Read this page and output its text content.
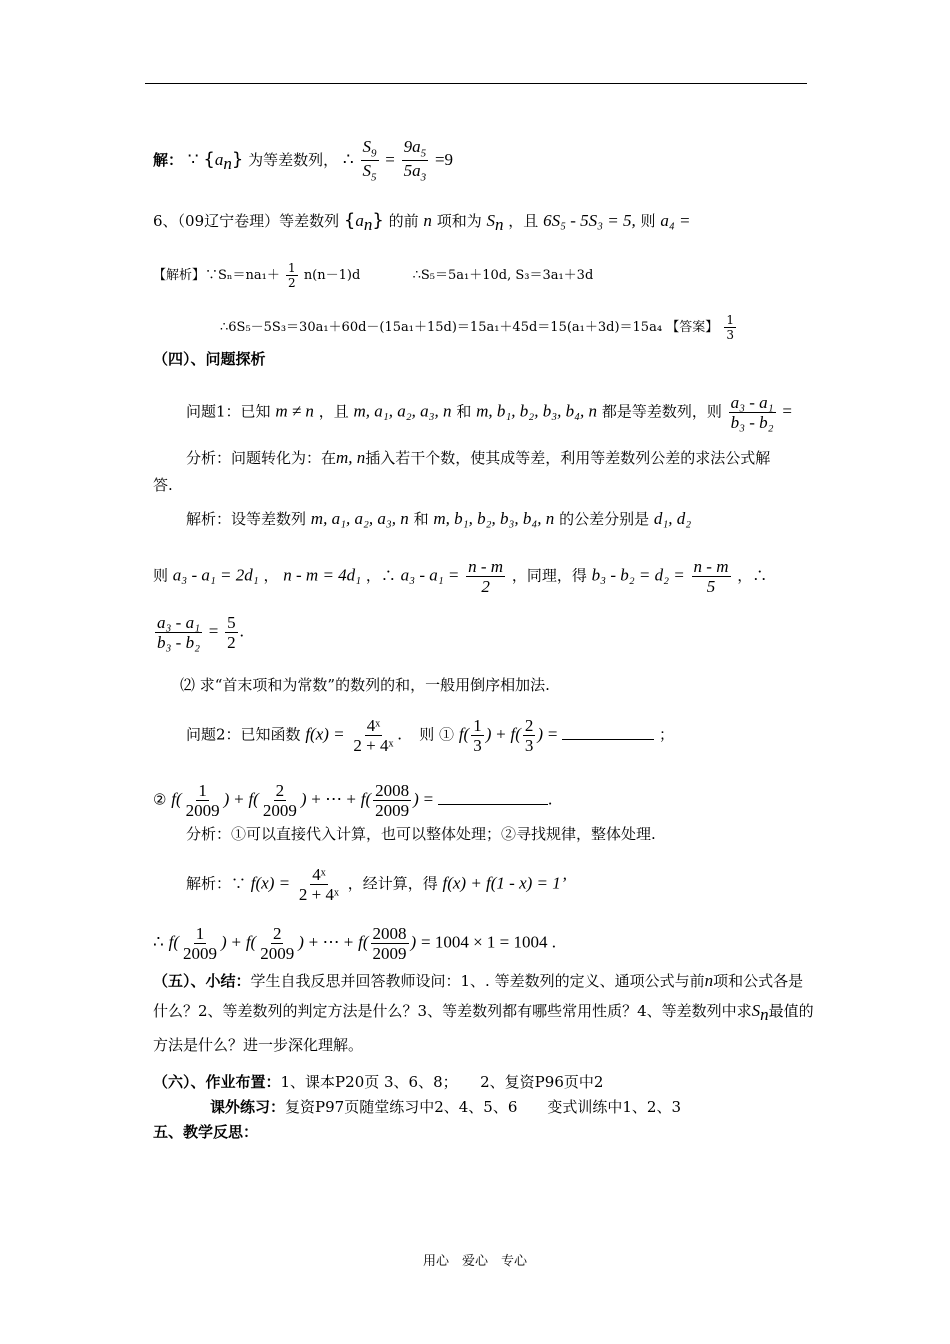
解： ∵ $\{a_n\}$ 为等差数列， ∴ $\frac{S_9}{S_5} = \frac{9a_5}{5a_3} =9$
6、（09辽宁卷理）等差数列 $\{a_n\}$ 的前 n 项和为 $S_n$ ，且 6S₅ - 5S₃ = 5, 则 a₄ =
【解析】∵Sₙ＝na₁＋ $\frac{1}{2} n(n-1)d$	∴S₅＝5a₁＋10d, S₃＝3a₁＋3d
∴6S₅－5S₃＝30a₁＋60d－(15a₁＋15d)＝15a₁＋45d＝15(a₁＋3d)＝15a₄ 【答案】 $\frac{1}{3}$
（四）、问题探析
问题1：已知 m ≠ n ，且 m, a₁, a₂, a₃, n 和 m, b₁, b₂, b₃, b₄, n 都是等差数列，则 $\frac{\text{a₃ - a₁}}{\text{b₃ - b₂}}$ =
分析：问题转化为：在m, n插入若干个数，使其成等差，利用等差数列公差的求法公式解
答.
解析：设等差数列 m, a₁, a₂, a₃, n 和 m, b₁, b₂, b₃, b₄, n 的公差分别是 d₁, d₂
则 a₃ - a₁ = 2d₁ ， n - m = 4d₁ ，∴ $a_3 - a_1 = \frac{n - m}{2}$ ，同理，得 $b_3 - b_2 = d_2 = \frac{n - m}{5}$ ，∴
$\frac{\text{a₃ - a₁}}{\text{b₃ - b₂}} = \frac{5}{2}$ .
⑵ 求“首末项和为常数”的数列的和，一般用倒序相加法.
问题2：已知函数 $f(x) = \frac{\text{4ˣ}}{\text{2 + 4ˣ}}$ . 则 ① $f( \frac{1}{3}$ ) + $f( \frac{2}{3}$ ) =	；
② $f( \frac{1}{2009}$ ) + $f( \frac{2}{2009}$ ) + ⋯ + $f( \frac{2008}{2009}$ ) =	.
分析：①可以直接代入计算，也可以整体处理；②寻找规律，整体处理.
解析：∵ $f(x) = \frac{\text{4ˣ}}{\text{2 + 4ˣ}}$ ，经计算，得 f(x) + f(1 - x) = 1’
∴ $f( \frac{1}{2009}$ ) + $f( \frac{2}{2009}$ ) + ⋯ + $f( \frac{2008}{2009}$ ) = 1004 × 1 = 1004 .
（五）、小结：学生自我反思并回答教师设问：1、. 等差数列的定义、通项公式与前n项和公式各是什么？2、等差数列的判定方法是什么？3、等差数列都有哪些常用性质？4、等差数列中求$S_n$最值的方法是什么？进一步深化理解。
（六）、作业布置：1、课本P20页 3、6、8；　　2、复资P96页中2
课外练习：复资P97页随堂练习中2、4、5、6　　变式训练中1、2、3
五、教学反思：
用心　爱心　专心
